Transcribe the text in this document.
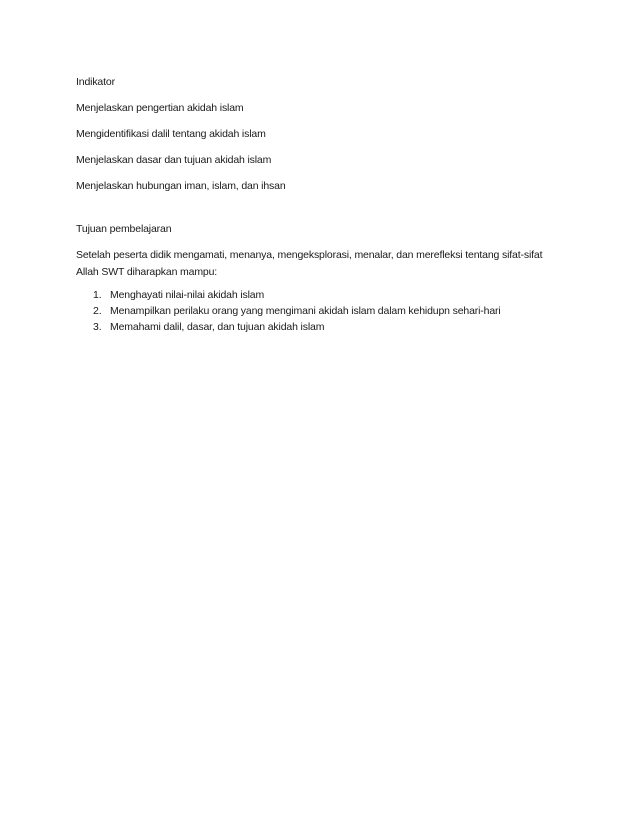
Indikator

Menjelaskan pengertian akidah islam

Mengidentifikasi dalil tentang akidah islam

Menjelaskan dasar dan tujuan akidah islam

Menjelaskan hubungan iman, islam, dan ihsan

Tujuan pembelajaran

Setelah peserta didik mengamati, menanya, mengeksplorasi, menalar, dan merefleksi tentang sifat-sifat
Allah SWT diharapkan mampu:

1. Menghayati nilai-nilai akidah islam
2. Menampilkan perilaku orang yang mengimani akidah islam dalam kehidupn sehari-hari
3. Memahami dalil, dasar, dan tujuan akidah islam
